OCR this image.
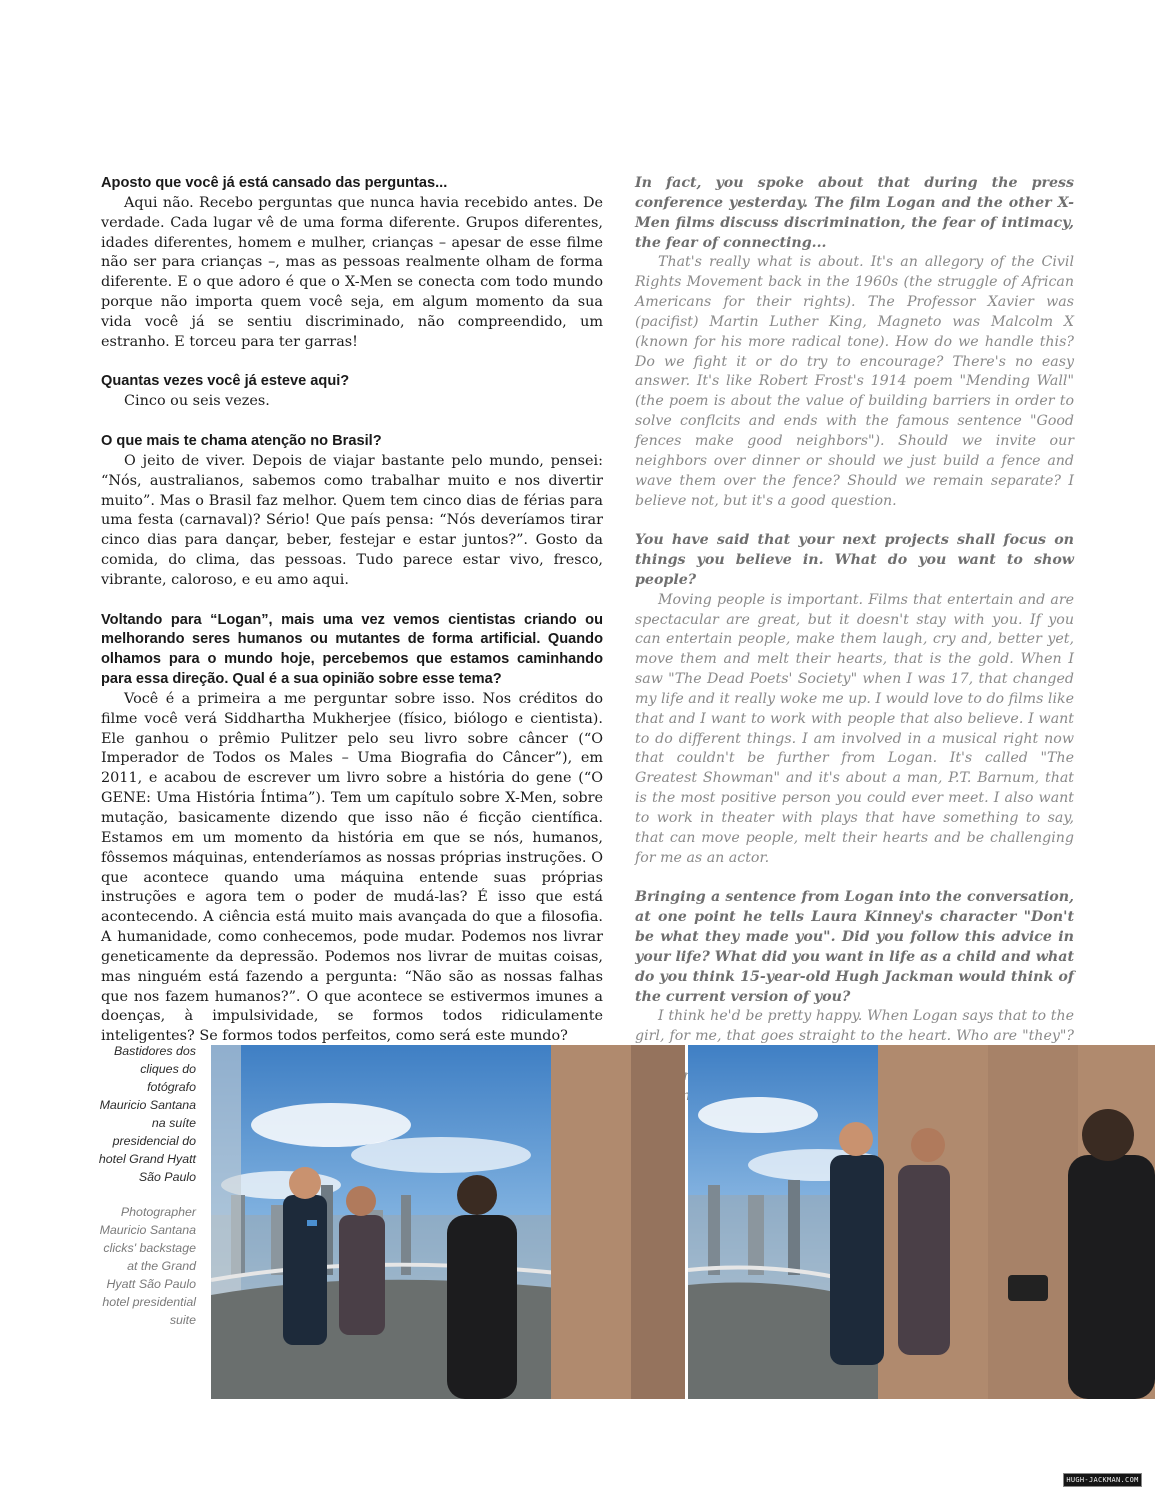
Aposto que você já está cansado das perguntas...

Aqui não. Recebo perguntas que nunca havia recebido antes. De verdade. Cada lugar vê de uma forma diferente. Grupos diferentes, idades diferentes, homem e mulher, crianças – apesar de esse filme não ser para crianças –, mas as pessoas realmente olham de forma diferente. E o que adoro é que o X-Men se conecta com todo mundo porque não importa quem você seja, em algum momento da sua vida você já se sentiu discriminado, não compreendido, um estranho. E torceu para ter garras!

Quantas vezes você já esteve aqui?

Cinco ou seis vezes.

O que mais te chama atenção no Brasil?

O jeito de viver. Depois de viajar bastante pelo mundo, pensei: “Nós, australianos, sabemos como trabalhar muito e nos divertir muito”. Mas o Brasil faz melhor. Quem tem cinco dias de férias para uma festa (carnaval)? Sério! Que país pensa: “Nós deveríamos tirar cinco dias para dançar, beber, festejar e estar juntos?”. Gosto da comida, do clima, das pessoas. Tudo parece estar vivo, fresco, vibrante, caloroso, e eu amo aqui.

Voltando para “Logan”, mais uma vez vemos cientistas criando ou melhorando seres humanos ou mutantes de forma artificial. Quando olhamos para o mundo hoje, percebemos que estamos caminhando para essa direção. Qual é a sua opinião sobre esse tema?

Você é a primeira a me perguntar sobre isso. Nos créditos do filme você verá Siddhartha Mukherjee (físico, biólogo e cientista). Ele ganhou o prêmio Pulitzer pelo seu livro sobre câncer (“O Imperador de Todos os Males – Uma Biografia do Câncer”), em 2011, e acabou de escrever um livro sobre a história do gene (“O GENE: Uma História Íntima”). Tem um capítulo sobre X-Men, sobre mutação, basicamente dizendo que isso não é ficção científica. Estamos em um momento da história em que se nós, humanos, fôssemos máquinas, entenderíamos as nossas próprias instruções. O que acontece quando uma máquina entende suas próprias instruções e agora tem o poder de mudá-las? É isso que está acontecendo. A ciência está muito mais avançada do que a filosofia. A humanidade, como conhecemos, pode mudar. Podemos nos livrar geneticamente da depressão. Podemos nos livrar de muitas coisas, mas ninguém está fazendo a pergunta: “Não são as nossas falhas que nos fazem humanos?”. O que acontece se estivermos imunes a doenças, à impulsividade, se formos todos ridiculamente inteligentes? Se formos todos perfeitos, como será este mundo?

In fact, you spoke about that during the press conference yesterday. The film Logan and the other X-Men films discuss discrimination, the fear of intimacy, the fear of connecting...

That's really what is about. It's an allegory of the Civil Rights Movement back in the 1960s (the struggle of African Americans for their rights). The Professor Xavier was (pacifist) Martin Luther King, Magneto was Malcolm X (known for his more radical tone). How do we handle this? Do we fight it or do try to encourage? There's no easy answer. It's like Robert Frost's 1914 poem "Mending Wall" (the poem is about the value of building barriers in order to solve conflcits and ends with the famous sentence "Good fences make good neighbors"). Should we invite our neighbors over dinner or should we just build a fence and wave them over the fence? Should we remain separate? I believe not, but it's a good question.

You have said that your next projects shall focus on things you believe in. What do you want to show people?

Moving people is important. Films that entertain and are spectacular are great, but it doesn't stay with you. If you can entertain people, make them laugh, cry and, better yet, move them and melt their hearts, that is the gold. When I saw "The Dead Poets' Society" when I was 17, that changed my life and it really woke me up. I would love to do films like that and I want to work with people that also believe. I want to do different things. I am involved in a musical right now that couldn't be further from Logan. It's called "The Greatest Showman" and it's about a man, P.T. Barnum, that is the most positive person you could ever meet. I also want to work in theater with plays that have something to say, that can move people, melt their hearts and be challenging for me as an actor.

Bringing a sentence from Logan into the conversation, at one point he tells Laura Kinney's character "Don't be what they made you". Did you follow this advice in your life? What did you want in life as a child and what do you think 15-year-old Hugh Jackman would think of the current version of you?

I think he'd be pretty happy. When Logan says that to the girl, for me, that goes straight to the heart. Who are "they"?

Bastidores dos cliques do fotógrafo Mauricio Santana na suíte presidencial do hotel Grand Hyatt São Paulo
Photographer Mauricio Santana clicks' backstage at the Grand Hyatt São Paulo hotel presidential suite
HUGH-JACKMAN.COM
